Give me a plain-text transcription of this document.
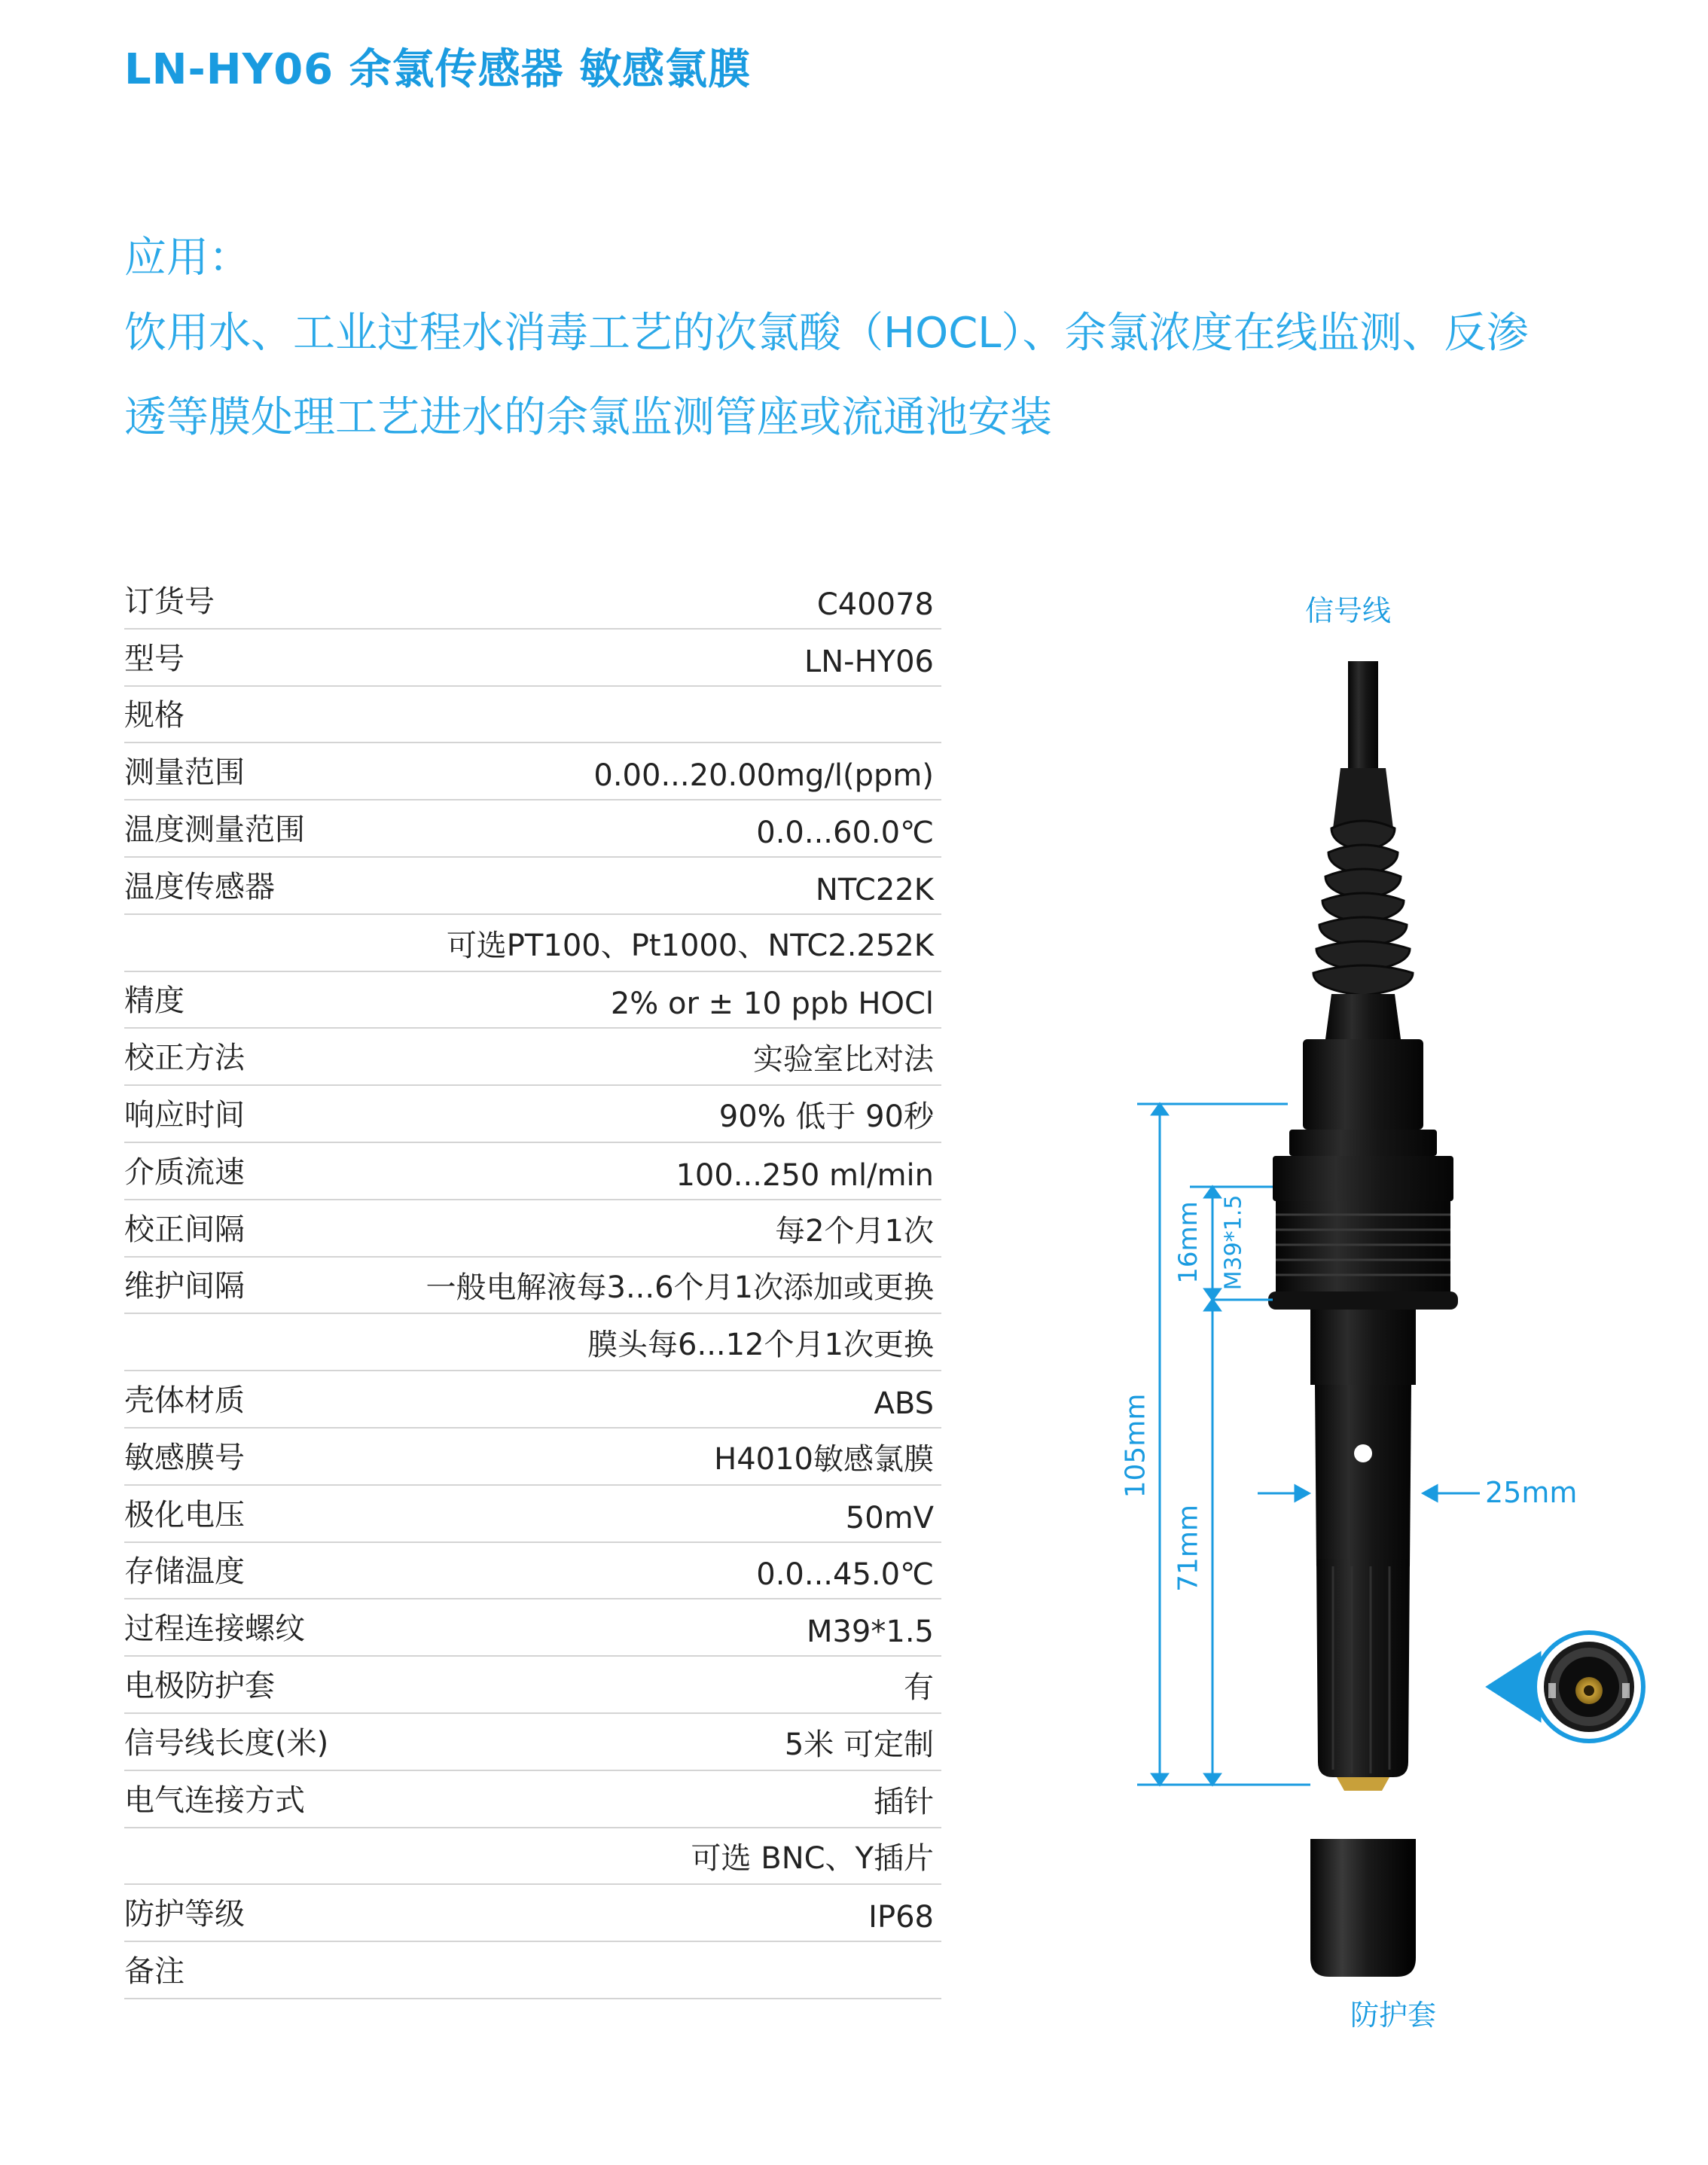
LN-HY06 余氯传感器 敏感氯膜
应用：
饮用水、工业过程水消毒工艺的次氯酸（HOCL）、余氯浓度在线监测、反渗
透等膜处理工艺进水的余氯监测管座或流通池安装
订货号	C40078
型号	LN-HY06
规格
测量范围	0.00...20.00mg/l(ppm)
温度测量范围	0.0...60.0℃
温度传感器	NTC22K
可选PT100、Pt1000、NTC2.252K
精度	2% or ± 10 ppb HOCl
校正方法	实验室比对法
响应时间	90% 低于 90秒
介质流速	100...250 ml/min
校正间隔	每2个月1次
维护间隔	一般电解液每3...6个月1次添加或更换
膜头每6...12个月1次更换
壳体材质	ABS
敏感膜号	H4010敏感氯膜
极化电压	50mV
存储温度	0.0...45.0℃
过程连接螺纹	M39*1.5
电极防护套	有
信号线长度(米)	5米 可定制
电气连接方式	插针
可选 BNC、Y插片
防护等级	IP68
备注
信号线
105mm
71mm
16mm M39*1.5
25mm
防护套
